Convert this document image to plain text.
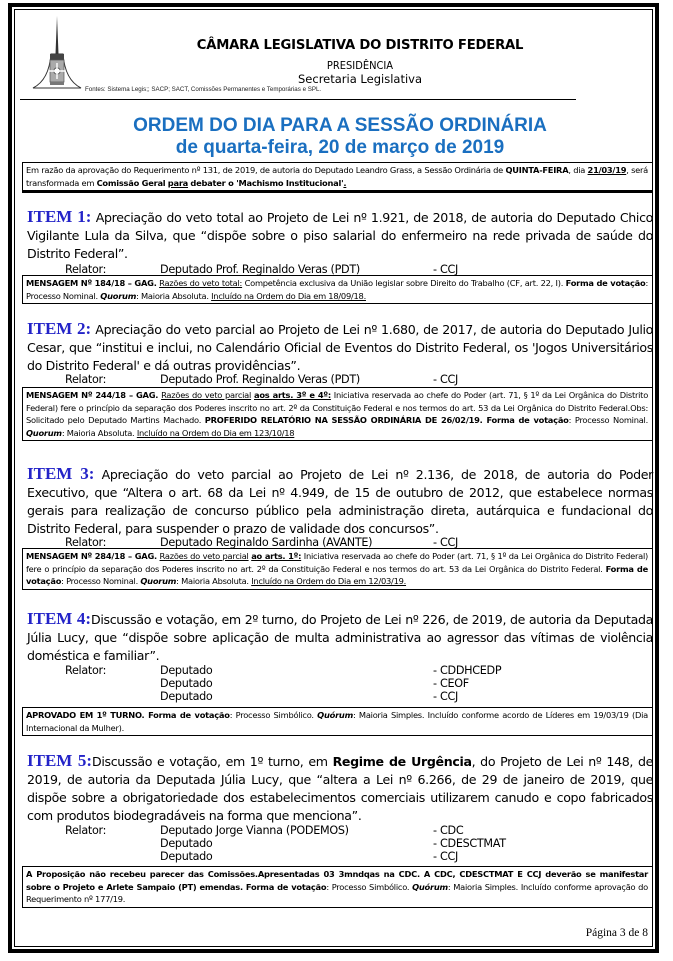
CÂMARA LEGISLATIVA DO DISTRITO FEDERAL
PRESIDÊNCIA
Secretaria Legislativa
Fontes: Sistema Legis;; SACP; SACT, Comissões Permanentes e Temporárias e SPL.
ORDEM DO DIA PARA A SESSÃO ORDINÁRIA
de quarta-feira, 20 de março de 2019
Em razão da aprovação do Requerimento nº 131, de 2019, de autoria do Deputado Leandro Grass, a Sessão Ordinária de QUINTA-FEIRA, dia 21/03/19, será transformada em Comissão Geral para debater o 'Machismo Institucional'.
ITEM 1: Apreciação do veto total ao Projeto de Lei nº 1.921, de 2018, de autoria do Deputado Chico Vigilante Lula da Silva, que “dispõe sobre o piso salarial do enfermeiro na rede privada de saúde do Distrito Federal”.
Relator:	Deputado Prof. Reginaldo Veras (PDT)	- CCJ
MENSAGEM Nº 184/18 – GAG. Razões do veto total: Competência exclusiva da União legislar sobre Direito do Trabalho (CF, art. 22, I). Forma de votação: Processo Nominal. Quorum: Maioria Absoluta. Incluído na Ordem do Dia em 18/09/18.
ITEM 2: Apreciação do veto parcial ao Projeto de Lei nº 1.680, de 2017, de autoria do Deputado Julio Cesar, que “institui e inclui, no Calendário Oficial de Eventos do Distrito Federal, os 'Jogos Universitários do Distrito Federal' e dá outras providências”.
Relator:	Deputado Prof. Reginaldo Veras (PDT)	- CCJ
MENSAGEM Nº 244/18 – GAG. Razões do veto parcial aos arts. 3º e 4º: Iniciativa reservada ao chefe do Poder (art. 71, § 1º da Lei Orgânica do Distrito Federal) fere o princípio da separação dos Poderes inscrito no art. 2º da Constituição Federal e nos termos do art. 53 da Lei Orgânica do Distrito Federal.Obs: Solicitado pelo Deputado Martins Machado. PROFERIDO RELATÓRIO NA SESSÃO ORDINÁRIA DE 26/02/19. Forma de votação: Processo Nominal. Quorum: Maioria Absoluta. Incluído na Ordem do Dia em 123/10/18
ITEM 3: Apreciação do veto parcial ao Projeto de Lei nº 2.136, de 2018, de autoria do Poder Executivo, que “Altera o art. 68 da Lei nº 4.949, de 15 de outubro de 2012, que estabelece normas gerais para realização de concurso público pela administração direta, autárquica e fundacional do Distrito Federal, para suspender o prazo de validade dos concursos”.
Relator:	Deputado Reginaldo Sardinha (AVANTE)	- CCJ
MENSAGEM Nº 284/18 – GAG. Razões do veto parcial ao arts. 1º: Iniciativa reservada ao chefe do Poder (art. 71, § 1º da Lei Orgânica do Distrito Federal) fere o princípio da separação dos Poderes inscrito no art. 2º da Constituição Federal e nos termos do art. 53 da Lei Orgânica do Distrito Federal. Forma de votação: Processo Nominal. Quorum: Maioria Absoluta. Incluído na Ordem do Dia em 12/03/19.
ITEM 4:Discussão e votação, em 2º turno, do Projeto de Lei nº 226, de 2019, de autoria da Deputada Júlia Lucy, que “dispõe sobre aplicação de multa administrativa ao agressor das vítimas de violência doméstica e familiar”.
Relator:	Deputado	- CDDHCEDP
Deputado	- CEOF
Deputado	- CCJ
APROVADO EM 1º TURNO. Forma de votação: Processo Simbólico. Quórum: Maioria Simples. Incluído conforme acordo de Líderes em 19/03/19 (Dia Internacional da Mulher).
ITEM 5:Discussão e votação, em 1º turno, em Regime de Urgência, do Projeto de Lei nº 148, de 2019, de autoria da Deputada Júlia Lucy, que “altera a Lei nº 6.266, de 29 de janeiro de 2019, que dispõe sobre a obrigatoriedade dos estabelecimentos comerciais utilizarem canudo e copo fabricados com produtos biodegradáveis na forma que menciona”.
Relator:	Deputado Jorge Vianna (PODEMOS)	- CDC
Deputado	- CDESCTMAT
Deputado	- CCJ
A Proposição não recebeu parecer das Comissões.Apresentadas 03 3mndqas na CDC. A CDC, CDESCTMAT E CCJ deverão se manifestar sobre o Projeto e Arlete Sampaio (PT) emendas. Forma de votação: Processo Simbólico. Quórum: Maioria Simples. Incluído conforme aprovação do Requerimento nº 177/19.
Página 3 de 8
